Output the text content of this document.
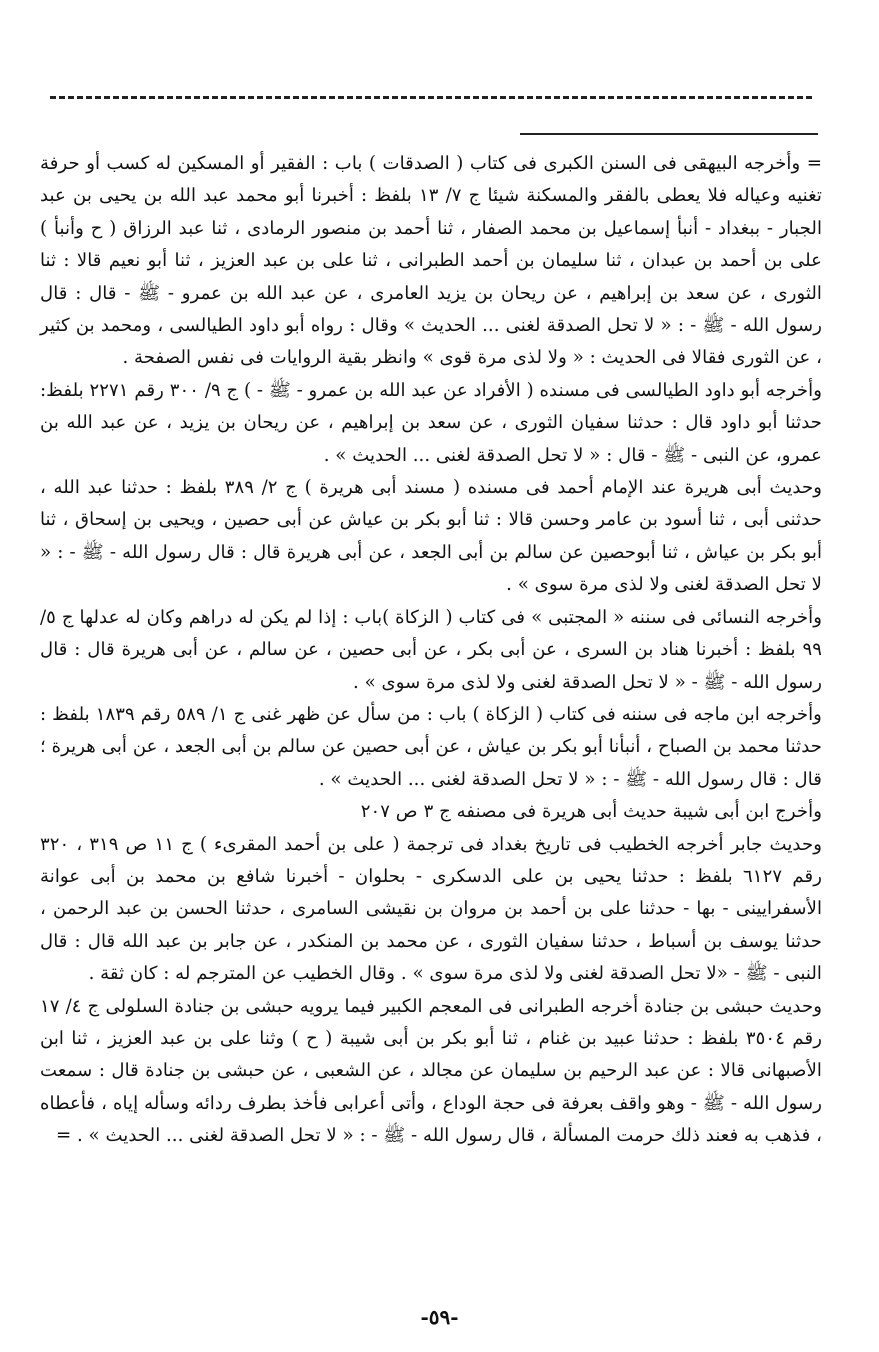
= وأخرجه البيهقى فى السنن الكبرى فى كتاب ( الصدقات ) باب : الفقير أو المسكين له كسب أو حرفة تغنيه وعياله فلا يعطى بالفقر والمسكنة شيئا ج ٧/ ١٣ بلفظ : أخبرنا أبو محمد عبد الله بن يحيى بن عبد الجبار - ببغداد - أنبأ إسماعيل بن محمد الصفار ، ثنا أحمد بن منصور الرمادى ، ثنا عبد الرزاق ( ح وأنبأ ) على بن أحمد بن عبدان ، ثنا سليمان بن أحمد الطبرانى ، ثنا على بن عبد العزيز ، ثنا أبو نعيم قالا : ثنا الثورى ، عن سعد بن إبراهيم ، عن ريحان بن يزيد العامرى ، عن عبد الله بن عمرو - ﷺ - قال : قال رسول الله - ﷺ - : « لا تحل الصدقة لغنى ... الحديث » وقال : رواه أبو داود الطيالسى ، ومحمد بن كثير ، عن الثورى فقالا فى الحديث : « ولا لذى مرة قوى » وانظر بقية الروايات فى نفس الصفحة .

وأخرجه أبو داود الطيالسى فى مسنده ( الأفراد عن عبد الله بن عمرو - ﷺ - ) ج ٩/ ٣٠٠ رقم ٢٢٧١ بلفظ: حدثنا أبو داود قال : حدثنا سفيان الثورى ، عن سعد بن إبراهيم ، عن ريحان بن يزيد ، عن عبد الله بن عمرو، عن النبى - ﷺ - قال : « لا تحل الصدقة لغنى ... الحديث » .

وحديث أبى هريرة عند الإمام أحمد فى مسنده ( مسند أبى هريرة ) ج ٢/ ٣٨٩ بلفظ : حدثنا عبد الله ، حدثنى أبى ، ثنا أسود بن عامر وحسن قالا : ثنا أبو بكر بن عياش عن أبى حصين ، ويحيى بن إسحاق ، ثنا أبو بكر بن عياش ، ثنا أبوحصين عن سالم بن أبى الجعد ، عن أبى هريرة قال : قال رسول الله - ﷺ - : « لا تحل الصدقة لغنى ولا لذى مرة سوى » .

وأخرجه النسائى فى سننه « المجتبى » فى كتاب ( الزكاة )باب : إذا لم يكن له دراهم وكان له عدلها ج ٥/ ٩٩ بلفظ : أخبرنا هناد بن السرى ، عن أبى بكر ، عن أبى حصين ، عن سالم ، عن أبى هريرة قال : قال رسول الله - ﷺ - « لا تحل الصدقة لغنى ولا لذى مرة سوى » .

وأخرجه ابن ماجه فى سننه فى كتاب ( الزكاة ) باب : من سأل عن ظهر غنى ج ١/ ٥٨٩ رقم ١٨٣٩ بلفظ : حدثنا محمد بن الصباح ، أنبأنا أبو بكر بن عياش ، عن أبى حصين عن سالم بن أبى الجعد ، عن أبى هريرة ؛ قال : قال رسول الله - ﷺ - : « لا تحل الصدقة لغنى ... الحديث » .

وأخرج ابن أبى شيبة حديث أبى هريرة فى مصنفه ج ٣ ص ٢٠٧

وحديث جابر أخرجه الخطيب فى تاريخ بغداد فى ترجمة ( على بن أحمد المقرىء ) ج ١١ ص ٣١٩ ، ٣٢٠ رقم ٦١٢٧ بلفظ : حدثنا يحيى بن على الدسكرى - بحلوان - أخبرنا شافع بن محمد بن أبى عوانة الأسفرايينى - بها - حدثنا على بن أحمد بن مروان بن نقيشى السامرى ، حدثنا الحسن بن عبد الرحمن ، حدثنا يوسف بن أسباط ، حدثنا سفيان الثورى ، عن محمد بن المنكدر ، عن جابر بن عبد الله قال : قال النبى - ﷺ - «لا تحل الصدقة لغنى ولا لذى مرة سوى » . وقال الخطيب عن المترجم له : كان ثقة .

وحديث حبشى بن جنادة أخرجه الطبرانى فى المعجم الكبير فيما يرويه حبشى بن جنادة السلولى ج ٤/ ١٧ رقم ٣٥٠٤ بلفظ : حدثنا عبيد بن غنام ، ثنا أبو بكر بن أبى شيبة ( ح ) وثنا على بن عبد العزيز ، ثنا ابن الأصبهانى قالا : عن عبد الرحيم بن سليمان عن مجالد ، عن الشعبى ، عن حبشى بن جنادة قال : سمعت رسول الله - ﷺ - وهو واقف بعرفة فى حجة الوداع ، وأتى أعرابى فأخذ بطرف ردائه وسأله إياه ، فأعطاه ، فذهب به فعند ذلك حرمت المسألة ، قال رسول الله - ﷺ - : « لا تحل الصدقة لغنى ... الحديث » . =

-٥٩-
